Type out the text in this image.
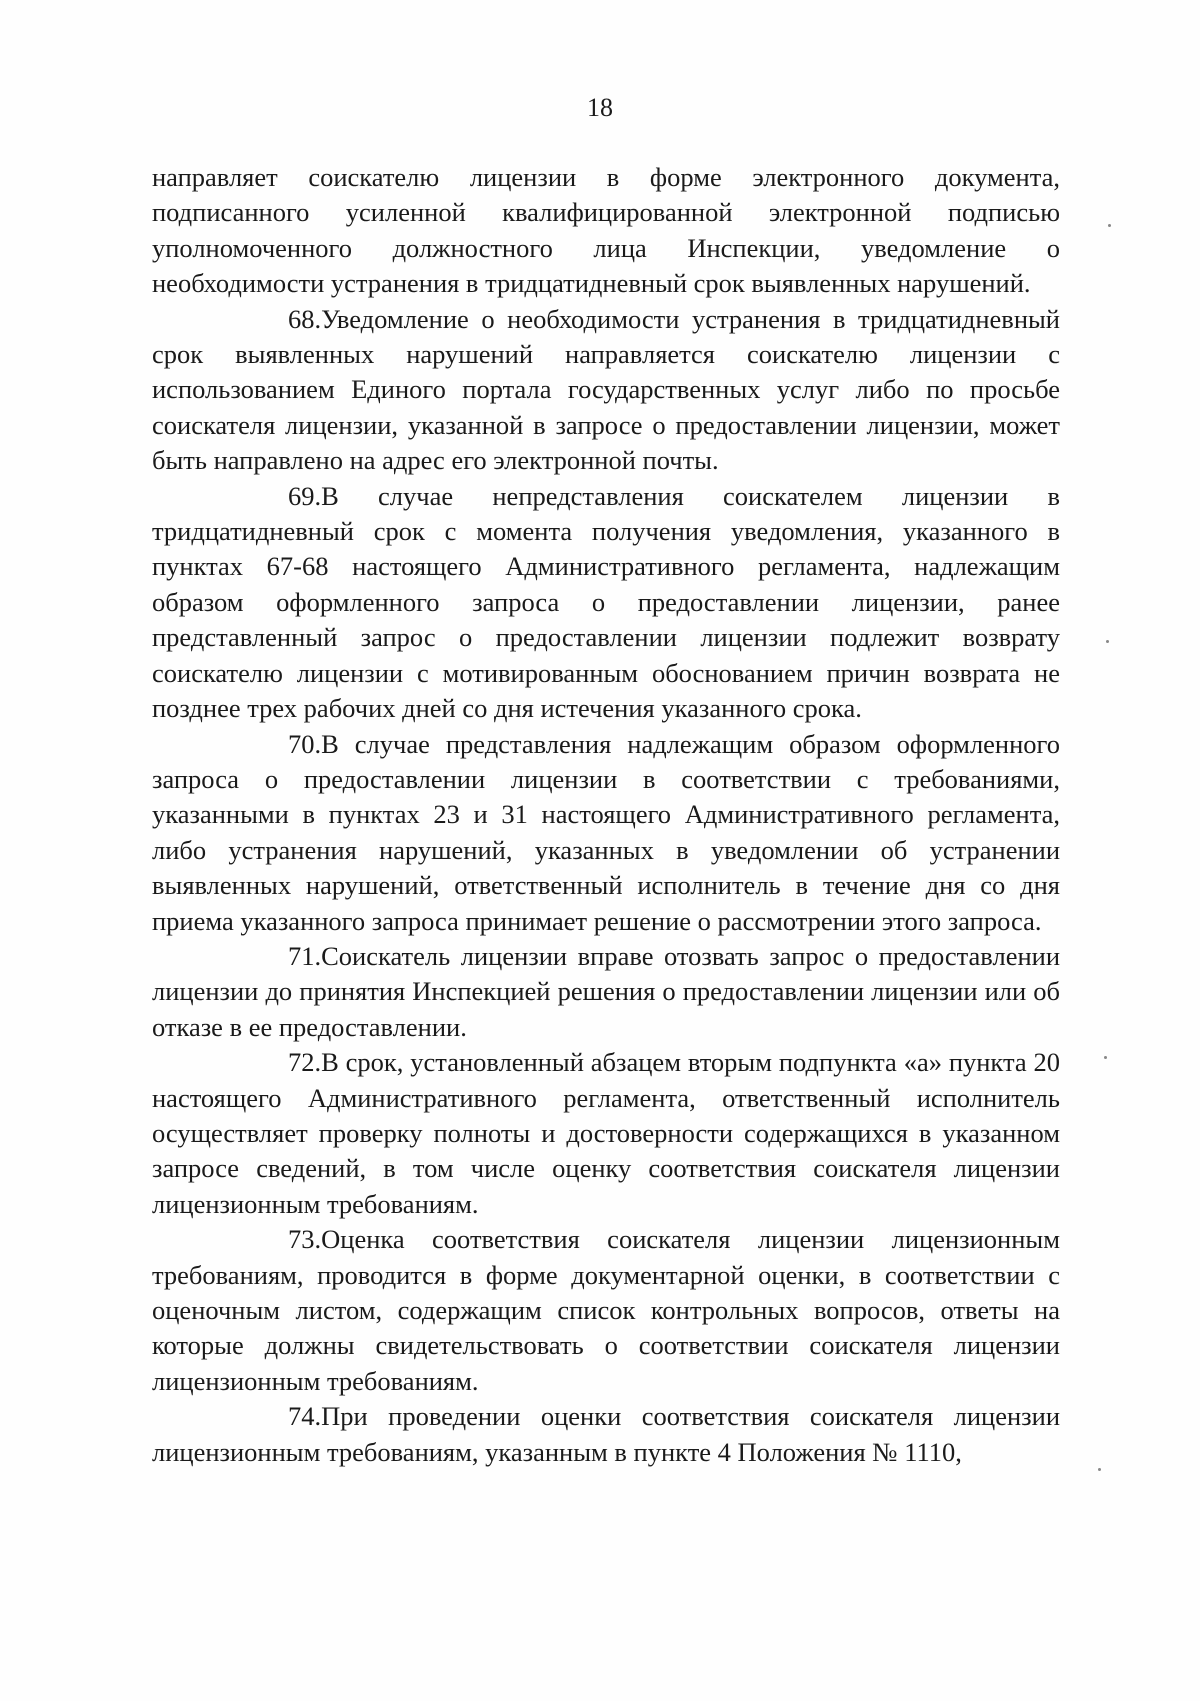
18

направляет соискателю лицензии в форме электронного документа, подписанного усиленной квалифицированной электронной подписью уполномоченного должностного лица Инспекции, уведомление о необходимости устранения в тридцатидневный срок выявленных нарушений.

68.Уведомление о необходимости устранения в тридцатидневный срок выявленных нарушений направляется соискателю лицензии с использованием Единого портала государственных услуг либо по просьбе соискателя лицензии, указанной в запросе о предоставлении лицензии, может быть направлено на адрес его электронной почты.

69.В случае непредставления соискателем лицензии в тридцатидневный срок с момента получения уведомления, указанного в пунктах 67-68 настоящего Административного регламента, надлежащим образом оформленного запроса о предоставлении лицензии, ранее представленный запрос о предоставлении лицензии подлежит возврату соискателю лицензии с мотивированным обоснованием причин возврата не позднее трех рабочих дней со дня истечения указанного срока.

70.В случае представления надлежащим образом оформленного запроса о предоставлении лицензии в соответствии с требованиями, указанными в пунктах 23 и 31 настоящего Административного регламента, либо устранения нарушений, указанных в уведомлении об устранении выявленных нарушений, ответственный исполнитель в течение дня со дня приема указанного запроса принимает решение о рассмотрении этого запроса.

71.Соискатель лицензии вправе отозвать запрос о предоставлении лицензии до принятия Инспекцией решения о предоставлении лицензии или об отказе в ее предоставлении.

72.В срок, установленный абзацем вторым подпункта «а» пункта 20 настоящего Административного регламента, ответственный исполнитель осуществляет проверку полноты и достоверности содержащихся в указанном запросе сведений, в том числе оценку соответствия соискателя лицензии лицензионным требованиям.

73.Оценка соответствия соискателя лицензии лицензионным требованиям, проводится в форме документарной оценки, в соответствии с оценочным листом, содержащим список контрольных вопросов, ответы на которые должны свидетельствовать о соответствии соискателя лицензии лицензионным требованиям.

74.При проведении оценки соответствия соискателя лицензии лицензионным требованиям, указанным в пункте 4 Положения № 1110,
